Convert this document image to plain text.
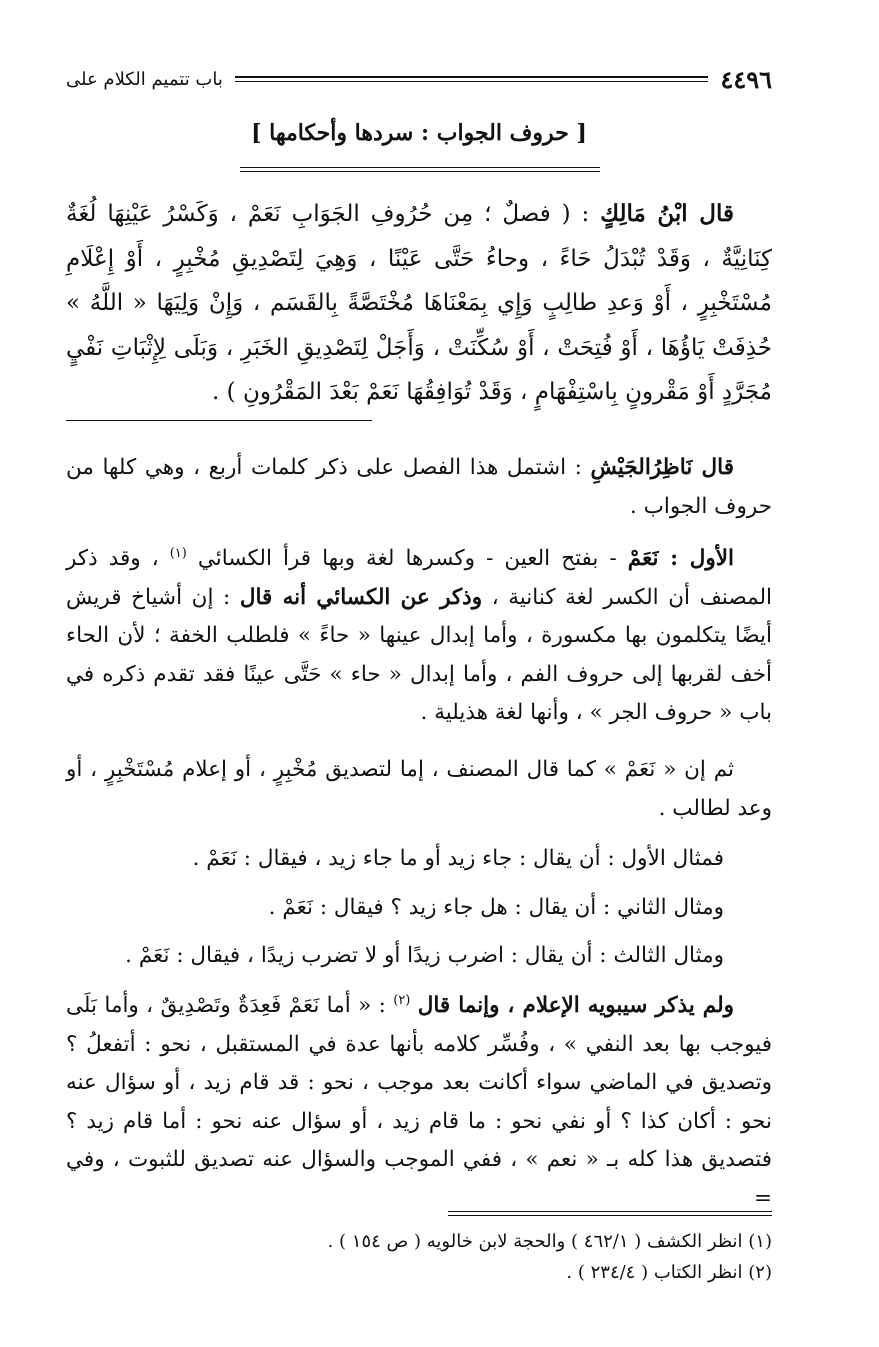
٤٤٩٦
باب تتميم الكلام على
[ حروف الجواب : سردها وأحكامها ]

قال ابْنُ مَالِكٍ : ( فصلٌ ؛ مِن حُرُوفِ الجَوَابِ نَعَمْ ، وَكَسْرُ عَيْنِهَا لُغَةٌ كِنَانِيَّةٌ ، وَقَدْ تُبْدَلُ حَاءً ، وحاءُ حَتَّى عَيْنًا ، وَهِيَ لِتَصْدِيقِ مُخْبِرٍ ، أَوْ إِعْلَامِ مُسْتَخْبِرٍ ، أَوْ وَعدِ طالِبٍ وَإِي بِمَعْنَاهَا مُخْتَصَّةً بِالقَسَم ، وَإِنْ وَلِيَهَا « اللَّهُ » حُذِفَتْ يَاؤُهَا ، أَوْ فُتِحَتْ ، أَوْ سُكِّنَتْ ، وَأَجَلْ لِتَصْدِيقِ الخَبَرِ ، وَبَلَى لِإِثْبَاتِ نَفْيٍ مُجَرَّدٍ أَوْ مَقْرونٍ بِاسْتِفْهَامٍ ، وَقَدْ تُوَافِقُهَا نَعَمْ بَعْدَ المَقْرُونِ ) .

قال نَاظِرُالجَيْشِ : اشتمل هذا الفصل على ذكر كلمات أربع ، وهي كلها من حروف الجواب .

الأول : نَعَمْ - بفتح العين - وكسرها لغة وبها قرأ الكسائي $^{(١)}$ ، وقد ذكر المصنف أن الكسر لغة كنانية ، وذكر عن الكسائي أنه قال : إن أشياخ قريش أيضًا يتكلمون بها مكسورة ، وأما إبدال عينها « حاءً » فلطلب الخفة ؛ لأن الحاء أخف لقربها إلى حروف الفم ، وأما إبدال « حاء » حَتَّى عينًا فقد تقدم ذكره في باب « حروف الجر » ، وأنها لغة هذيلية .

ثم إن « نَعَمْ » كما قال المصنف ، إما لتصديق مُخْبِرٍ ، أو إعلام مُسْتَخْبِرٍ ، أو وعد لطالب .

فمثال الأول : أن يقال : جاء زيد أو ما جاء زيد ، فيقال : نَعَمْ .

ومثال الثاني : أن يقال : هل جاء زيد ؟ فيقال : نَعَمْ .

ومثال الثالث : أن يقال : اضرب زيدًا أو لا تضرب زيدًا ، فيقال : نَعَمْ .

ولم يذكر سيبويه الإعلام ، وإنما قال $^{(٢)}$ : « أما نَعَمْ فَعِدَةٌ وتَصْدِيقٌ ، وأما بَلَى فيوجب بها بعد النفي » ، وفُسِّر كلامه بأنها عدة في المستقبل ، نحو : أتفعلُ ؟ وتصديق في الماضي سواء أكانت بعد موجب ، نحو : قد قام زيد ، أو سؤال عنه نحو : أكان كذا ؟ أو نفي نحو : ما قام زيد ، أو سؤال عنه نحو : أما قام زيد ؟ فتصديق هذا كله بـ « نعم » ، ففي الموجب والسؤال عنه تصديق للثبوت ، وفي =

(١) انظر الكشف ( ٤٦٢/١ ) والحجة لابن خالويه ( ص ١٥٤ ) .

(٢) انظر الكتاب ( ٢٣٤/٤ ) .
